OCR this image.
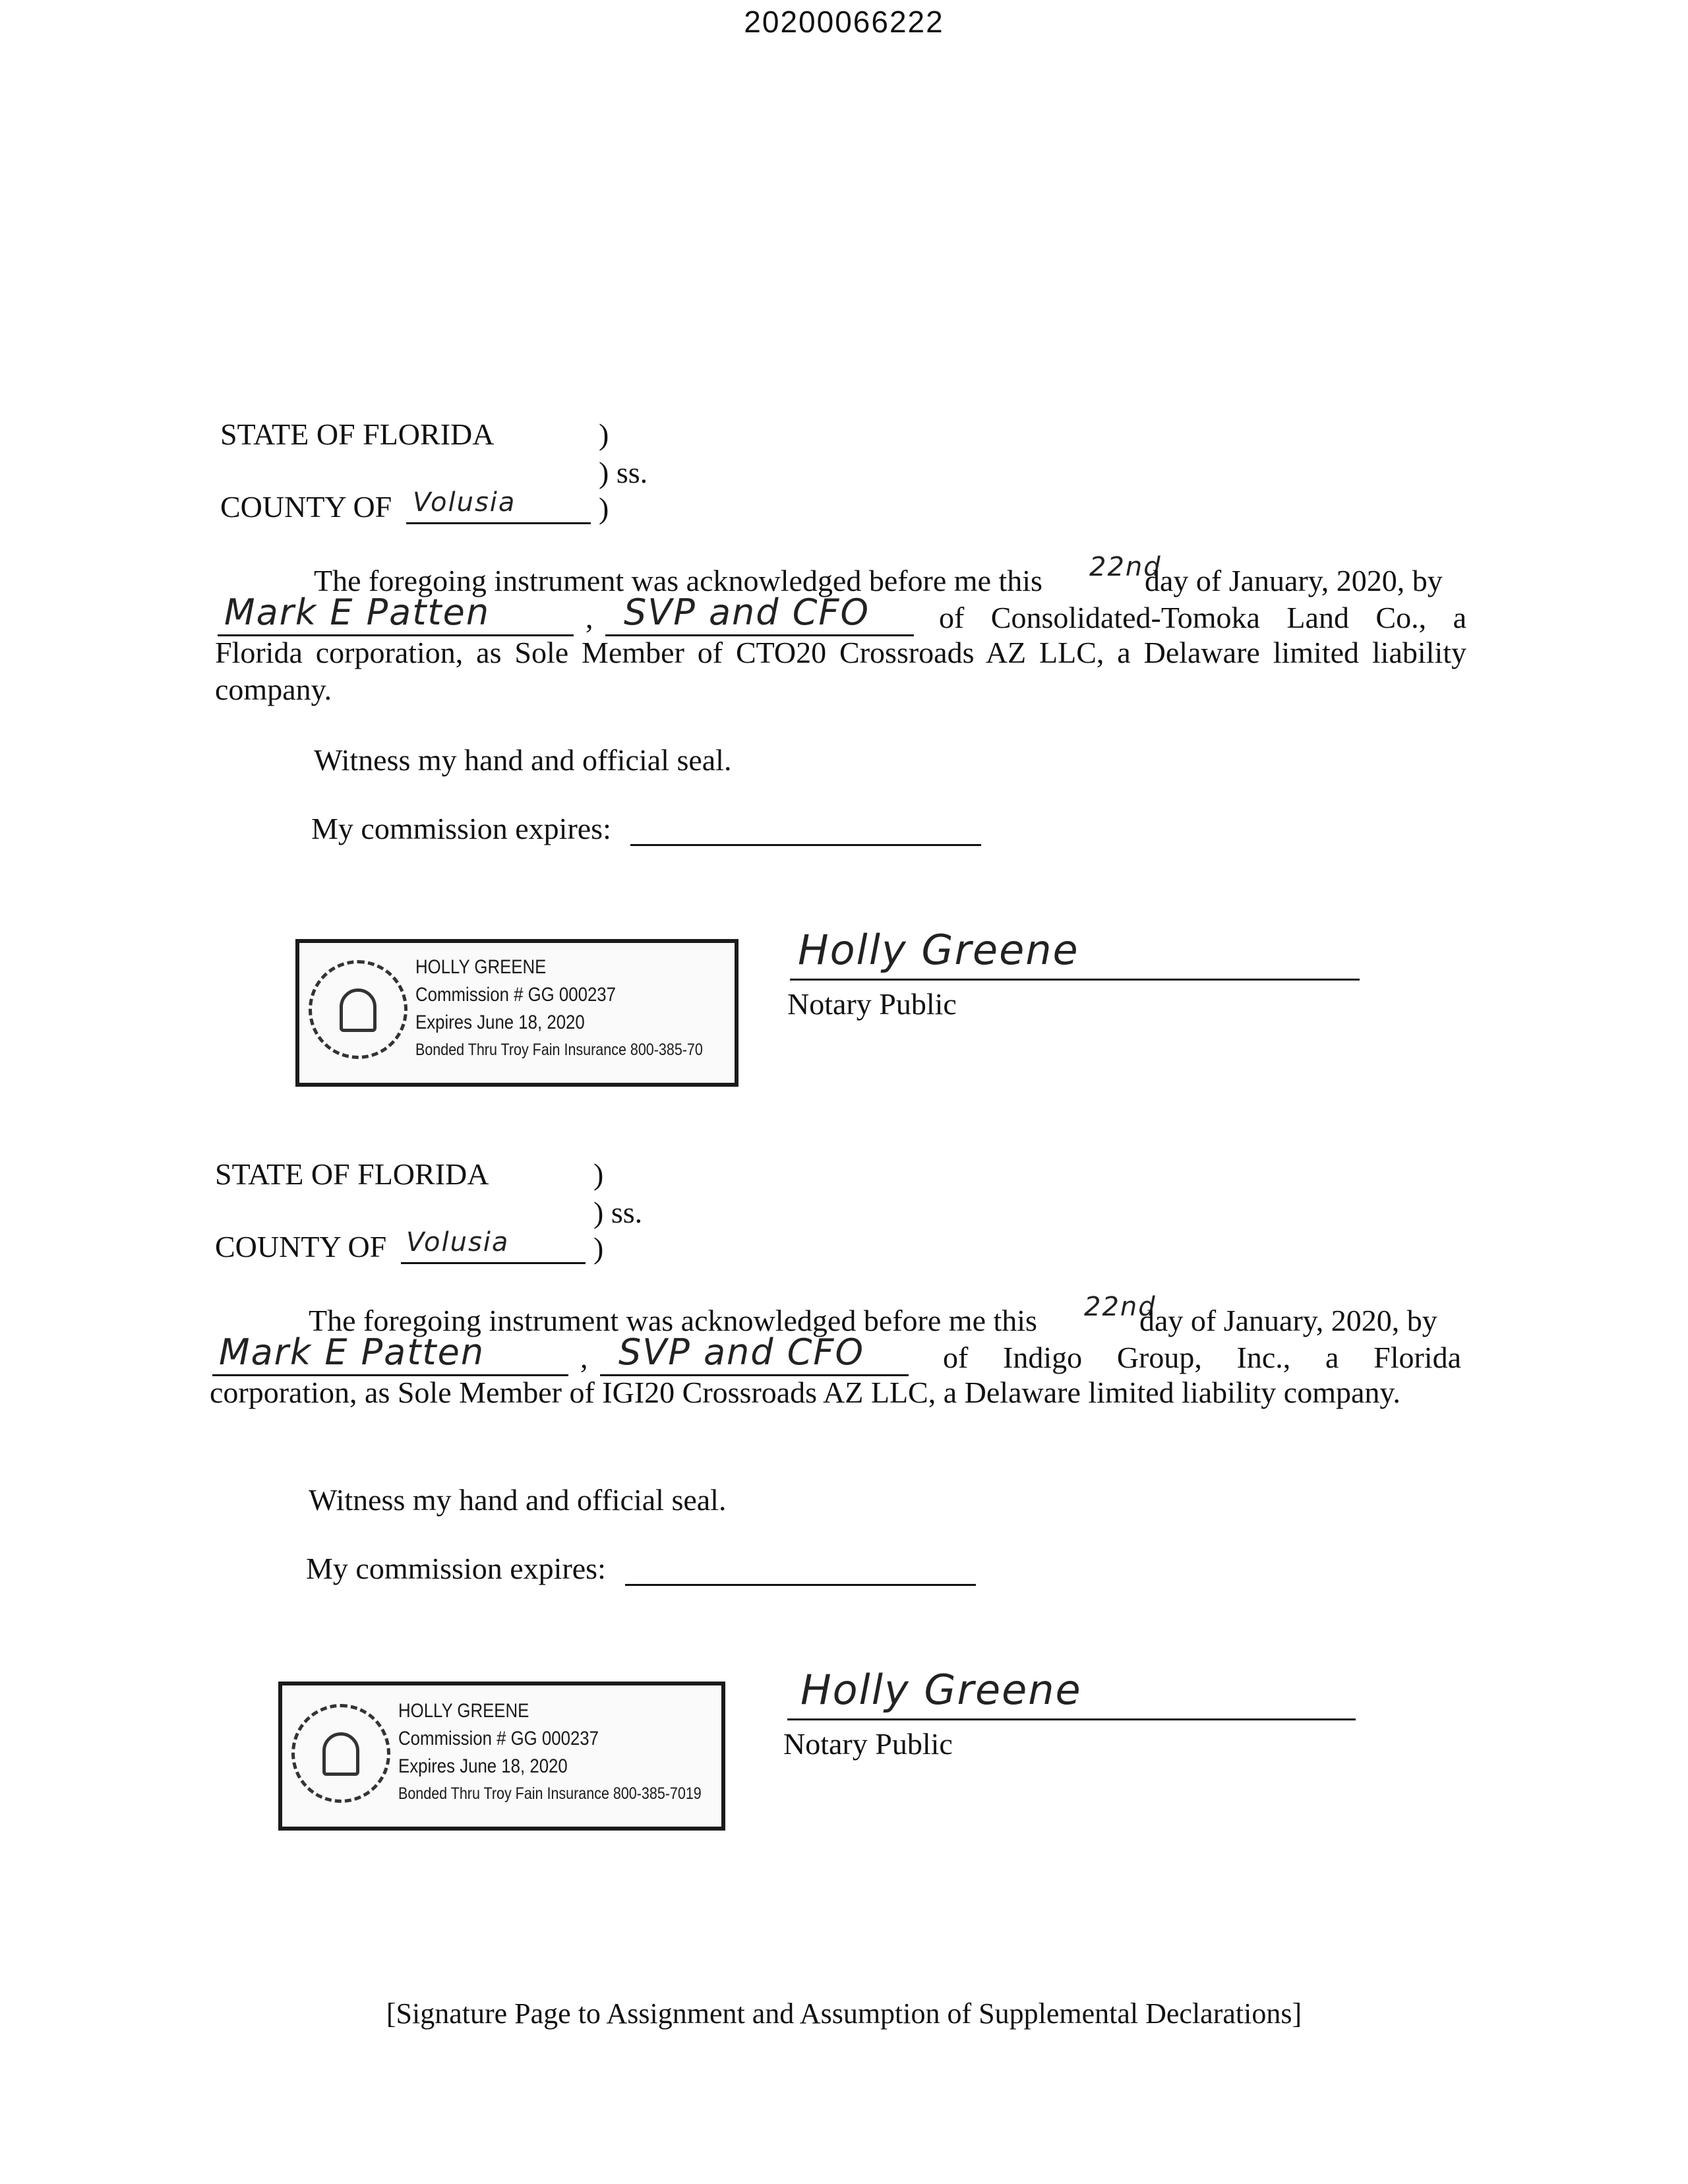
20200066222
STATE OF FLORIDA	)
) ss.
COUNTY OF Volusia	)
The foregoing instrument was acknowledged before me this 22nd
day of January, 2020, by
Mark E Patten	, SVP and CFO of Consolidated-Tomoka Land Co., a
Florida corporation, as Sole Member of CTO20 Crossroads AZ LLC, a Delaware limited liability company.
Witness my hand and official seal.
My commission expires:
HOLLY GREENE
Commission # GG 000237
Expires June 18, 2020
Bonded Thru Troy Fain Insurance 800-385-70
Holly Greene
Notary Public
STATE OF FLORIDA	)
) ss.
COUNTY OF Volusia	)
The foregoing instrument was acknowledged before me this 22nd
day of January, 2020, by
Mark E Patten	, SVP and CFO	of Indigo Group, Inc., a Florida
corporation, as Sole Member of IGI20 Crossroads AZ LLC, a Delaware limited liability company.
Witness my hand and official seal.
My commission expires:
HOLLY GREENE
Commission # GG 000237
Expires June 18, 2020
Bonded Thru Troy Fain Insurance 800-385-7019
Holly Greene
Notary Public
[Signature Page to Assignment and Assumption of Supplemental Declarations]
